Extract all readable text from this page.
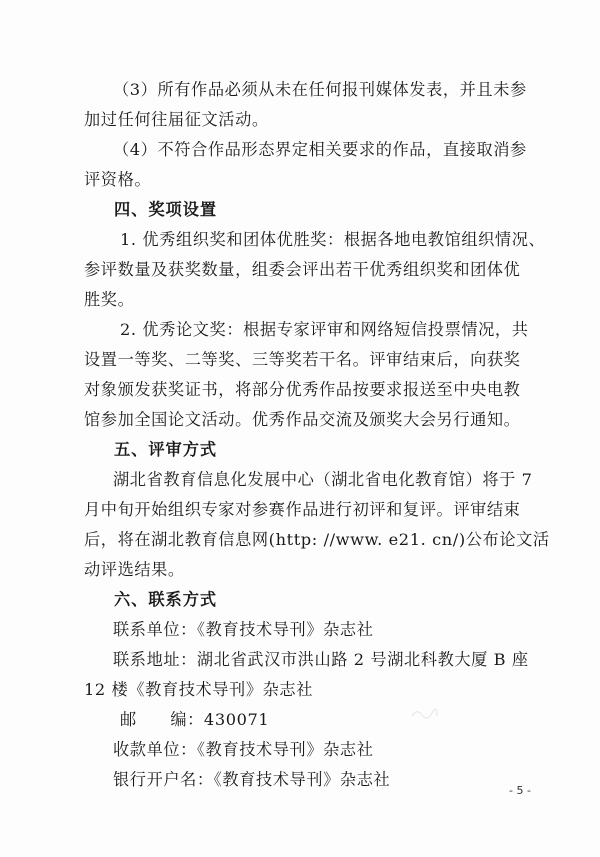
（3）所有作品必须从未在任何报刊媒体发表，并且未参
加过任何往届征文活动。
（4）不符合作品形态界定相关要求的作品，直接取消参
评资格。
四、奖项设置
1. 优秀组织奖和团体优胜奖：根据各地电教馆组织情况、
参评数量及获奖数量，组委会评出若干优秀组织奖和团体优
胜奖。
2. 优秀论文奖：根据专家评审和网络短信投票情况，共
设置一等奖、二等奖、三等奖若干名。评审结束后，向获奖
对象颁发获奖证书，将部分优秀作品按要求报送至中央电教
馆参加全国论文活动。优秀作品交流及颁奖大会另行通知。
五、评审方式
湖北省教育信息化发展中心（湖北省电化教育馆）将于 7
月中旬开始组织专家对参赛作品进行初评和复评。评审结束
后，将在湖北教育信息网(http: //www. e21. cn/)公布论文活
动评选结果。
六、联系方式
联系单位：《教育技术导刊》杂志社
联系地址：湖北省武汉市洪山路 2 号湖北科教大厦 B 座
12 楼《教育技术导刊》杂志社
邮　　编：430071
收款单位：《教育技术导刊》杂志社
银行开户名：《教育技术导刊》杂志社
- 5 -
